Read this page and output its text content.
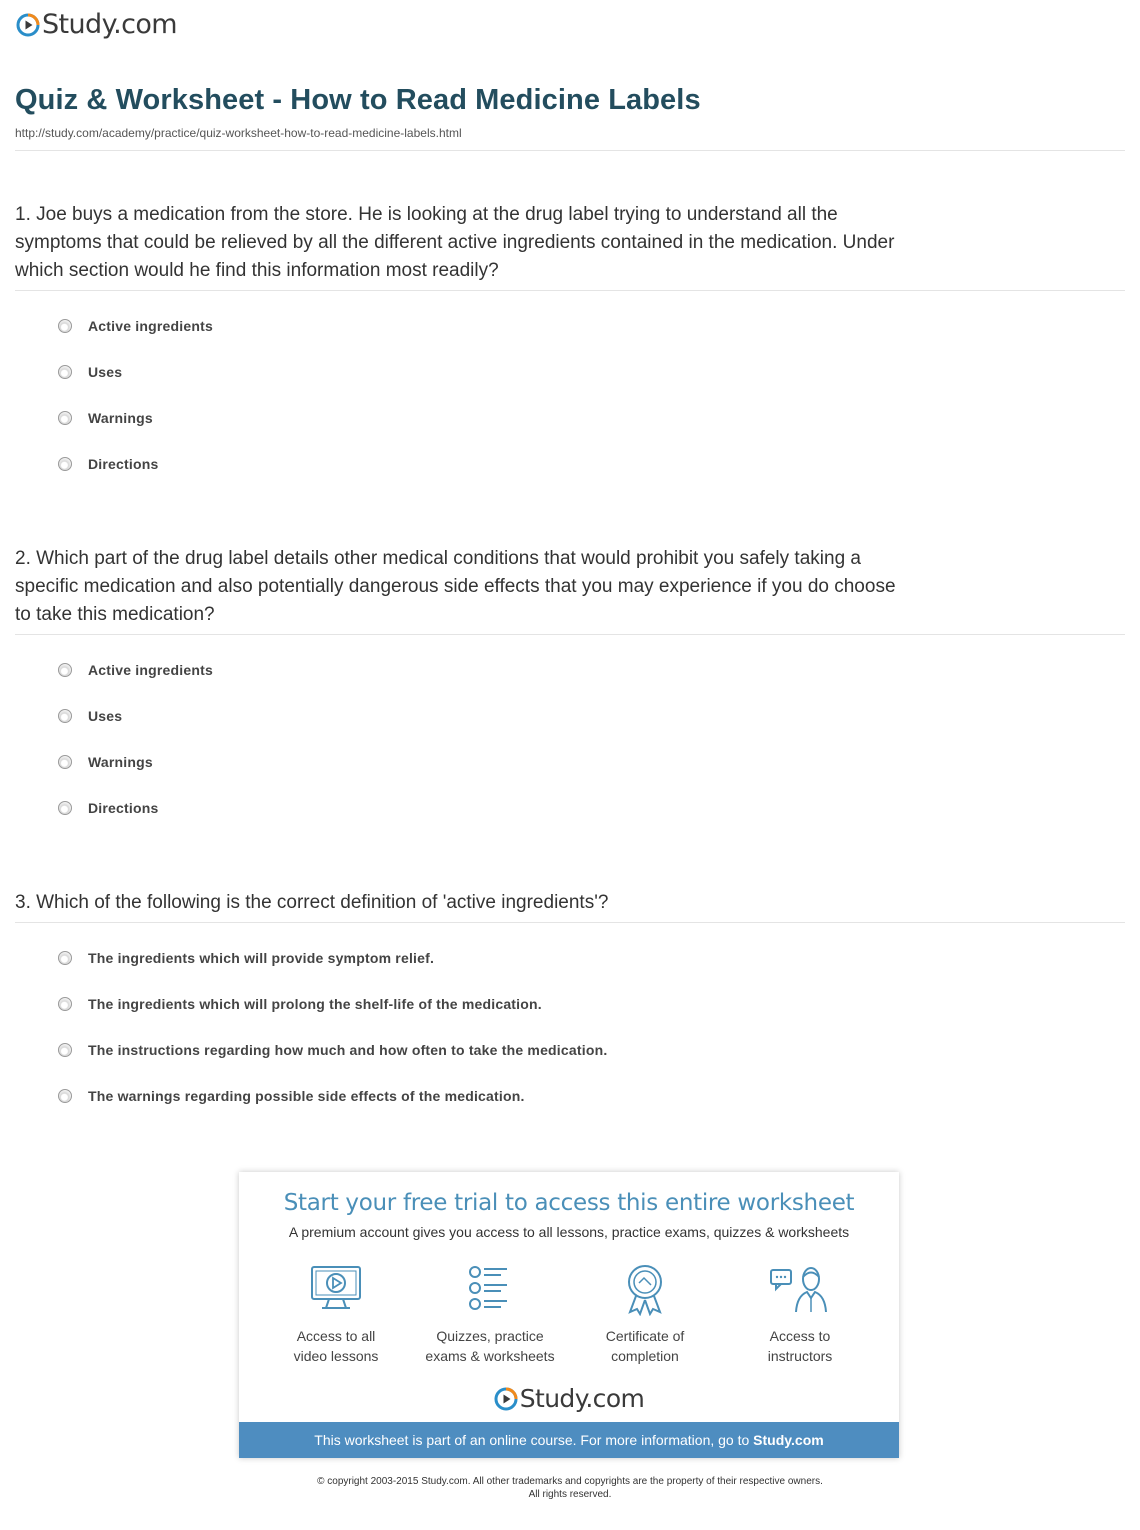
Study.com
Quiz & Worksheet - How to Read Medicine Labels
http://study.com/academy/practice/quiz-worksheet-how-to-read-medicine-labels.html
1. Joe buys a medication from the store. He is looking at the drug label trying to understand all the symptoms that could be relieved by all the different active ingredients contained in the medication. Under which section would he find this information most readily?
Active ingredients
Uses
Warnings
Directions
2. Which part of the drug label details other medical conditions that would prohibit you safely taking a specific medication and also potentially dangerous side effects that you may experience if you do choose to take this medication?
Active ingredients
Uses
Warnings
Directions
3. Which of the following is the correct definition of 'active ingredients'?
The ingredients which will provide symptom relief.
The ingredients which will prolong the shelf-life of the medication.
The instructions regarding how much and how often to take the medication.
The warnings regarding possible side effects of the medication.
Start your free trial to access this entire worksheet
A premium account gives you access to all lessons, practice exams, quizzes & worksheets
Access to all
video lessons
Quizzes, practice
exams & worksheets
Certificate of
completion
Access to
instructors
Study.com
This worksheet is part of an online course. For more information, go to Study.com
© copyright 2003-2015 Study.com. All other trademarks and copyrights are the property of their respective owners.
All rights reserved.
